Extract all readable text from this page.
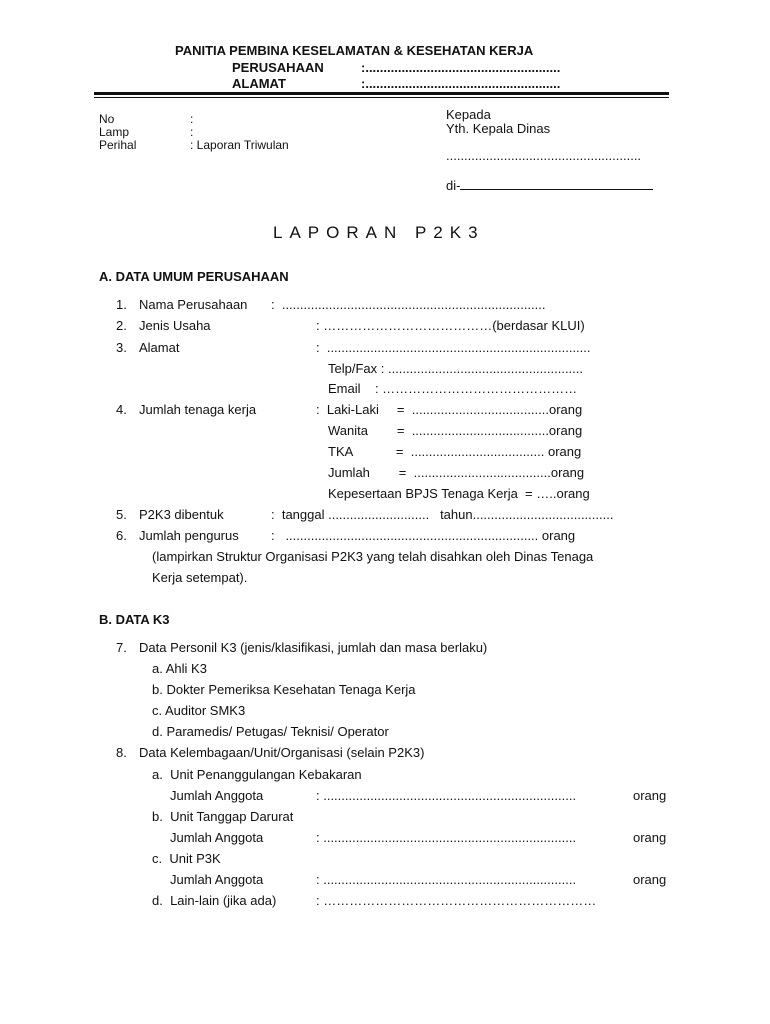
PANITIA PEMBINA KESELAMATAN & KESEHATAN KERJA
PERUSAHAAN	:......................................................
ALAMAT	:......................................................
No	:
Lamp	:
Perihal	: Laporan Triwulan
Kepada
Yth. Kepala Dinas
......................................................
di-
LAPORAN P2K3
A. DATA UMUM PERUSAHAAN
1. Nama Perusahaan :  .........................................................................
2. Jenis Usaha	: …………………………………(berdasar KLUI)
3. Alamat	:  .........................................................................
Telp/Fax : ......................................................
Email    : ………………………………………
4. Jumlah tenaga kerja	:  Laki-Laki     =  ......................................orang
Wanita        =  ......................................orang
TKA            =  ..................................... orang
Jumlah        =  ......................................orang
Kepesertaan BPJS Tenaga Kerja  = …..orang
5. P2K3 dibentuk	:  tanggal ............................   tahun.......................................
6. Jumlah pengurus :   ...................................................................... orang
(lampirkan Struktur Organisasi P2K3 yang telah disahkan oleh Dinas Tenaga
Kerja setempat).
B. DATA K3
7. Data Personil K3 (jenis/klasifikasi, jumlah dan masa berlaku)
a. Ahli K3
b. Dokter Pemeriksa Kesehatan Tenaga Kerja
c. Auditor SMK3
d. Paramedis/ Petugas/ Teknisi/ Operator
8. Data Kelembagaan/Unit/Organisasi (selain P2K3)
a.  Unit Penanggulangan Kebakaran
Jumlah Anggota	: ......................................................................	orang
b.  Unit Tanggap Darurat
Jumlah Anggota	: ......................................................................	orang
c.  Unit P3K
Jumlah Anggota	: ......................................................................	orang
d.  Lain-lain (jika ada)	: ………………………………………………………
